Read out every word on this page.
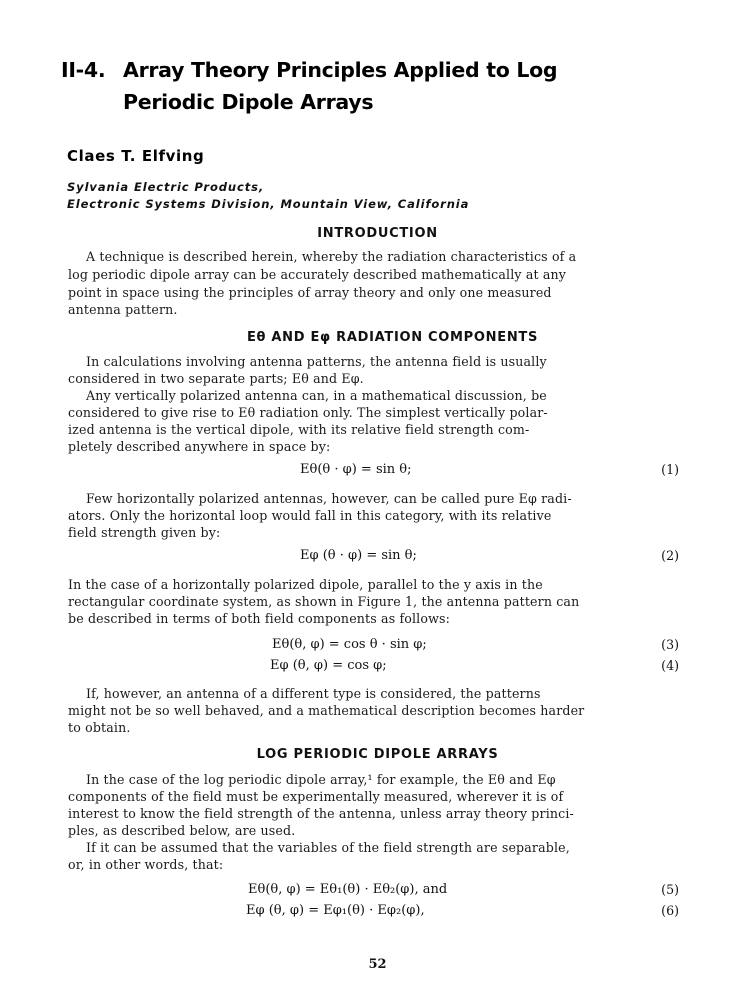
II-4. Array Theory Principles Applied to Log
Periodic Dipole Arrays
Claes T. Elfving
Sylvania Electric Products,
Electronic Systems Division, Mountain View, California
INTRODUCTION
A technique is described herein, whereby the radiation characteristics of a
log periodic dipole array can be accurately described mathematically at any
point in space using the principles of array theory and only one measured
antenna pattern.
Eθ AND Eφ RADIATION COMPONENTS
In calculations involving antenna patterns, the antenna field is usually
considered in two separate parts; Eθ and Eφ.
Any vertically polarized antenna can, in a mathematical discussion, be
considered to give rise to Eθ radiation only. The simplest vertically polar-
ized antenna is the vertical dipole, with its relative field strength com-
pletely described anywhere in space by:
Eθ(θ · φ) = sin θ;	(1)
Few horizontally polarized antennas, however, can be called pure Eφ radi-
ators. Only the horizontal loop would fall in this category, with its relative
field strength given by:
Eφ (θ · φ) = sin θ;	(2)
In the case of a horizontally polarized dipole, parallel to the y axis in the
rectangular coordinate system, as shown in Figure 1, the antenna pattern can
be described in terms of both field components as follows:
Eθ(θ, φ) = cos θ · sin φ;	(3)
Eφ (θ, φ) = cos φ;	(4)
If, however, an antenna of a different type is considered, the patterns
might not be so well behaved, and a mathematical description becomes harder
to obtain.
LOG PERIODIC DIPOLE ARRAYS
In the case of the log periodic dipole array,¹ for example, the Eθ and Eφ
components of the field must be experimentally measured, wherever it is of
interest to know the field strength of the antenna, unless array theory princi-
ples, as described below, are used.
If it can be assumed that the variables of the field strength are separable,
or, in other words, that:
Eθ(θ, φ) = Eθ₁(θ) · Eθ₂(φ), and	(5)
Eφ (θ, φ) = Eφ₁(θ) · Eφ₂(φ),	(6)
52
